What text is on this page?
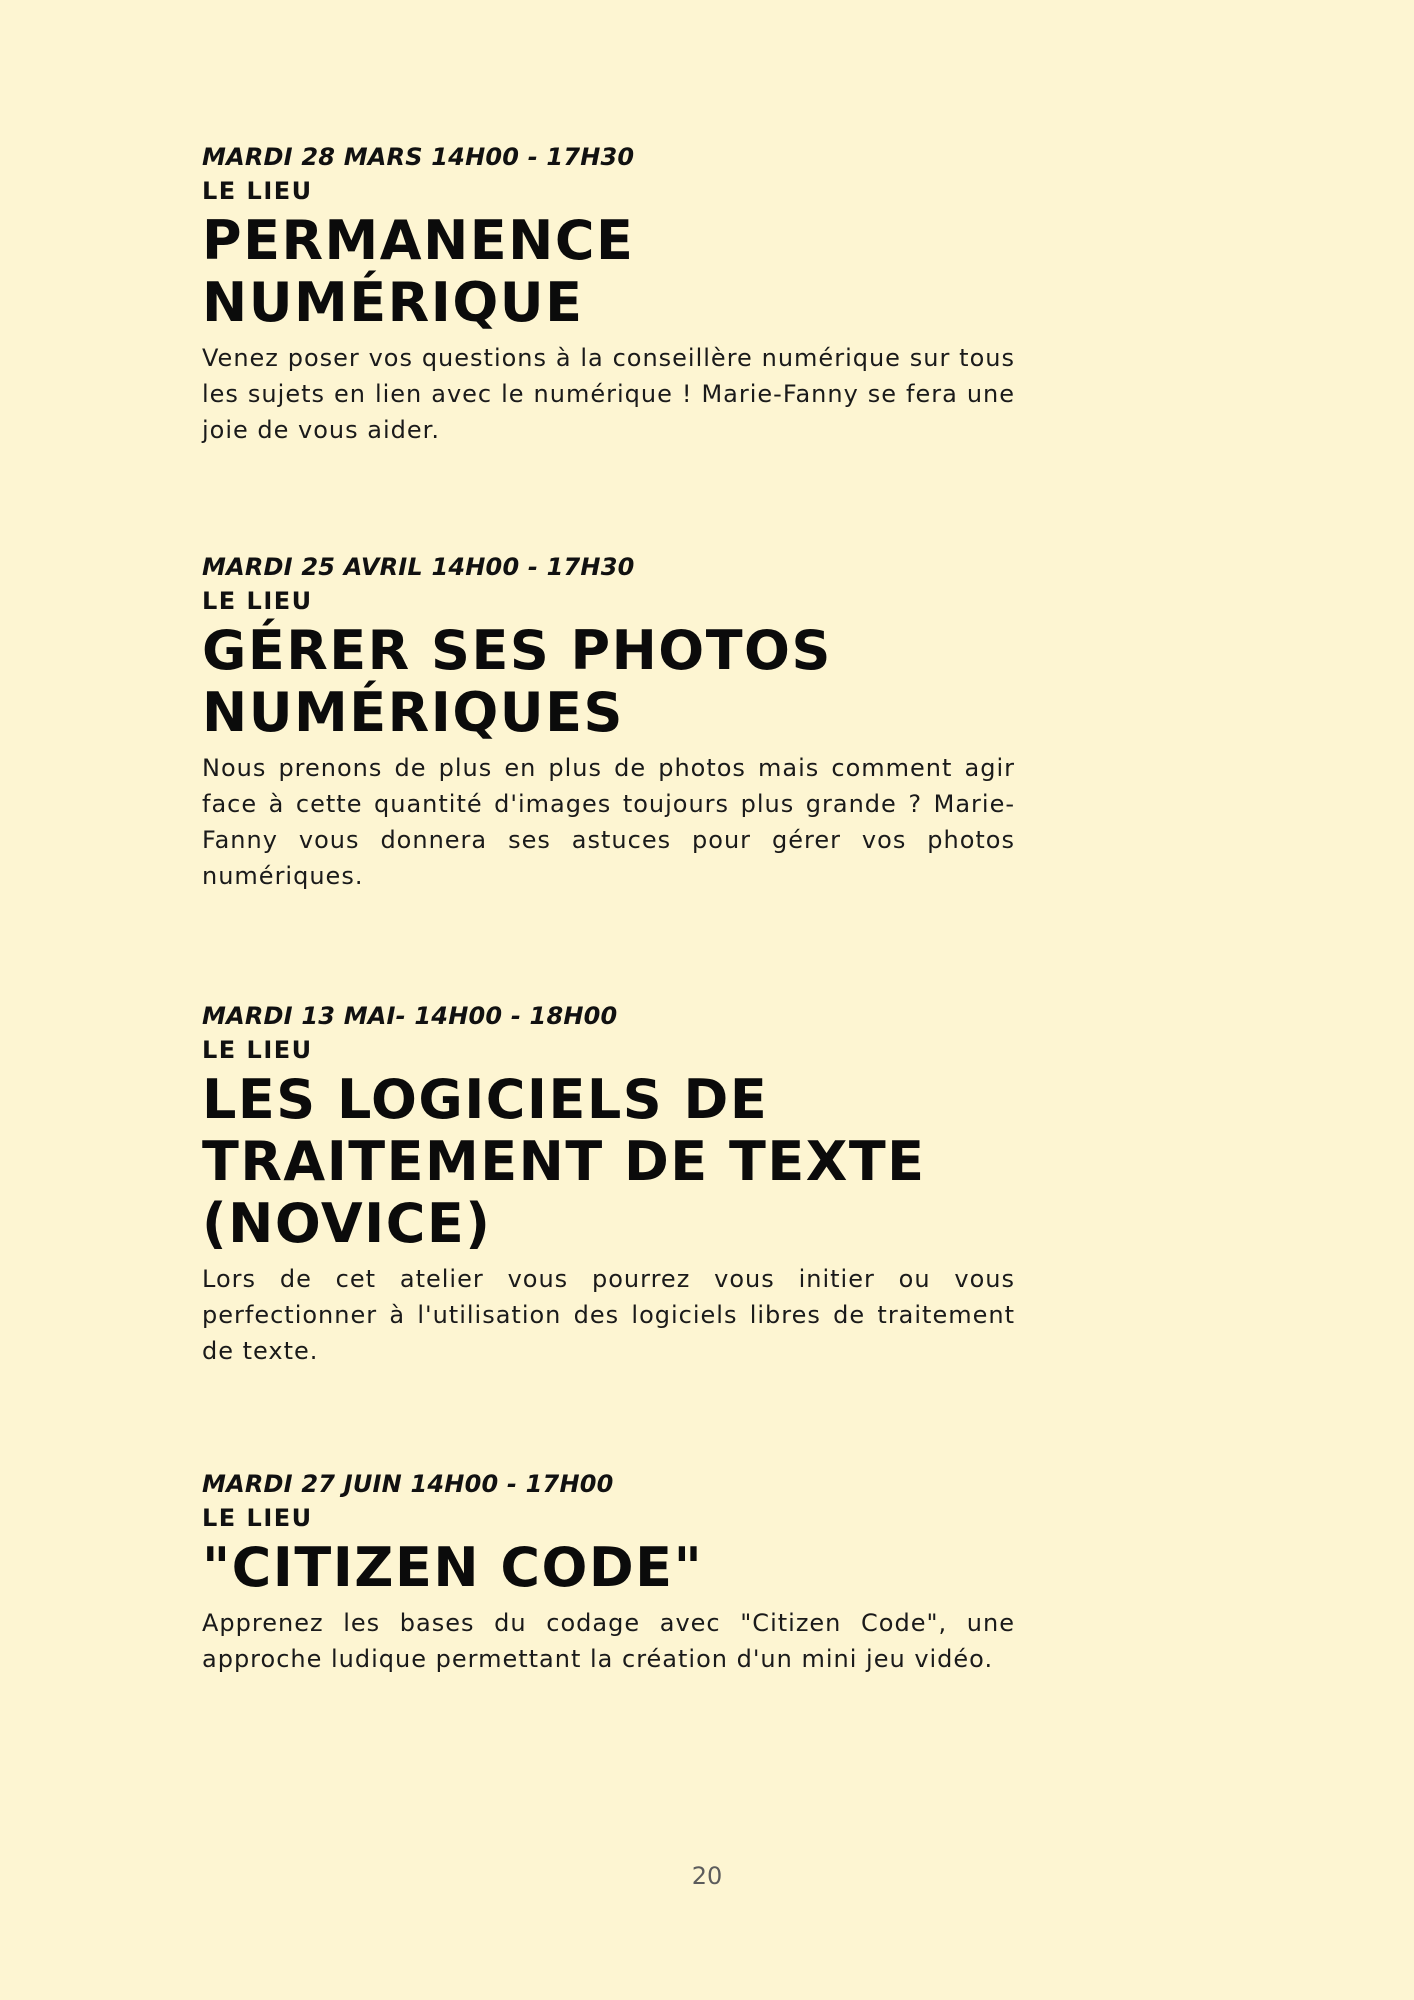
MARDI 28 MARS 14H00 - 17H30

LE LIEU

PERMANENCE NUMÉRIQUE

Venez poser vos questions à la conseillère numérique sur tous les sujets en lien avec le numérique ! Marie-Fanny se fera une joie de vous aider.

MARDI 25 AVRIL 14H00 - 17H30

LE LIEU

GÉRER SES PHOTOS NUMÉRIQUES

Nous prenons de plus en plus de photos mais comment agir face à cette quantité d'images toujours plus grande ? Marie-Fanny vous donnera ses astuces pour gérer vos photos numériques.

MARDI 13 MAI- 14H00 - 18H00

LE LIEU

LES LOGICIELS DE TRAITEMENT DE TEXTE (NOVICE)

Lors de cet atelier vous pourrez vous initier ou vous perfectionner à l'utilisation des logiciels libres de traitement de texte.

MARDI 27 JUIN 14H00 - 17H00

LE LIEU

"CITIZEN CODE"

Apprenez les bases du codage avec "Citizen Code", une approche ludique permettant la création d'un mini jeu vidéo.

20
